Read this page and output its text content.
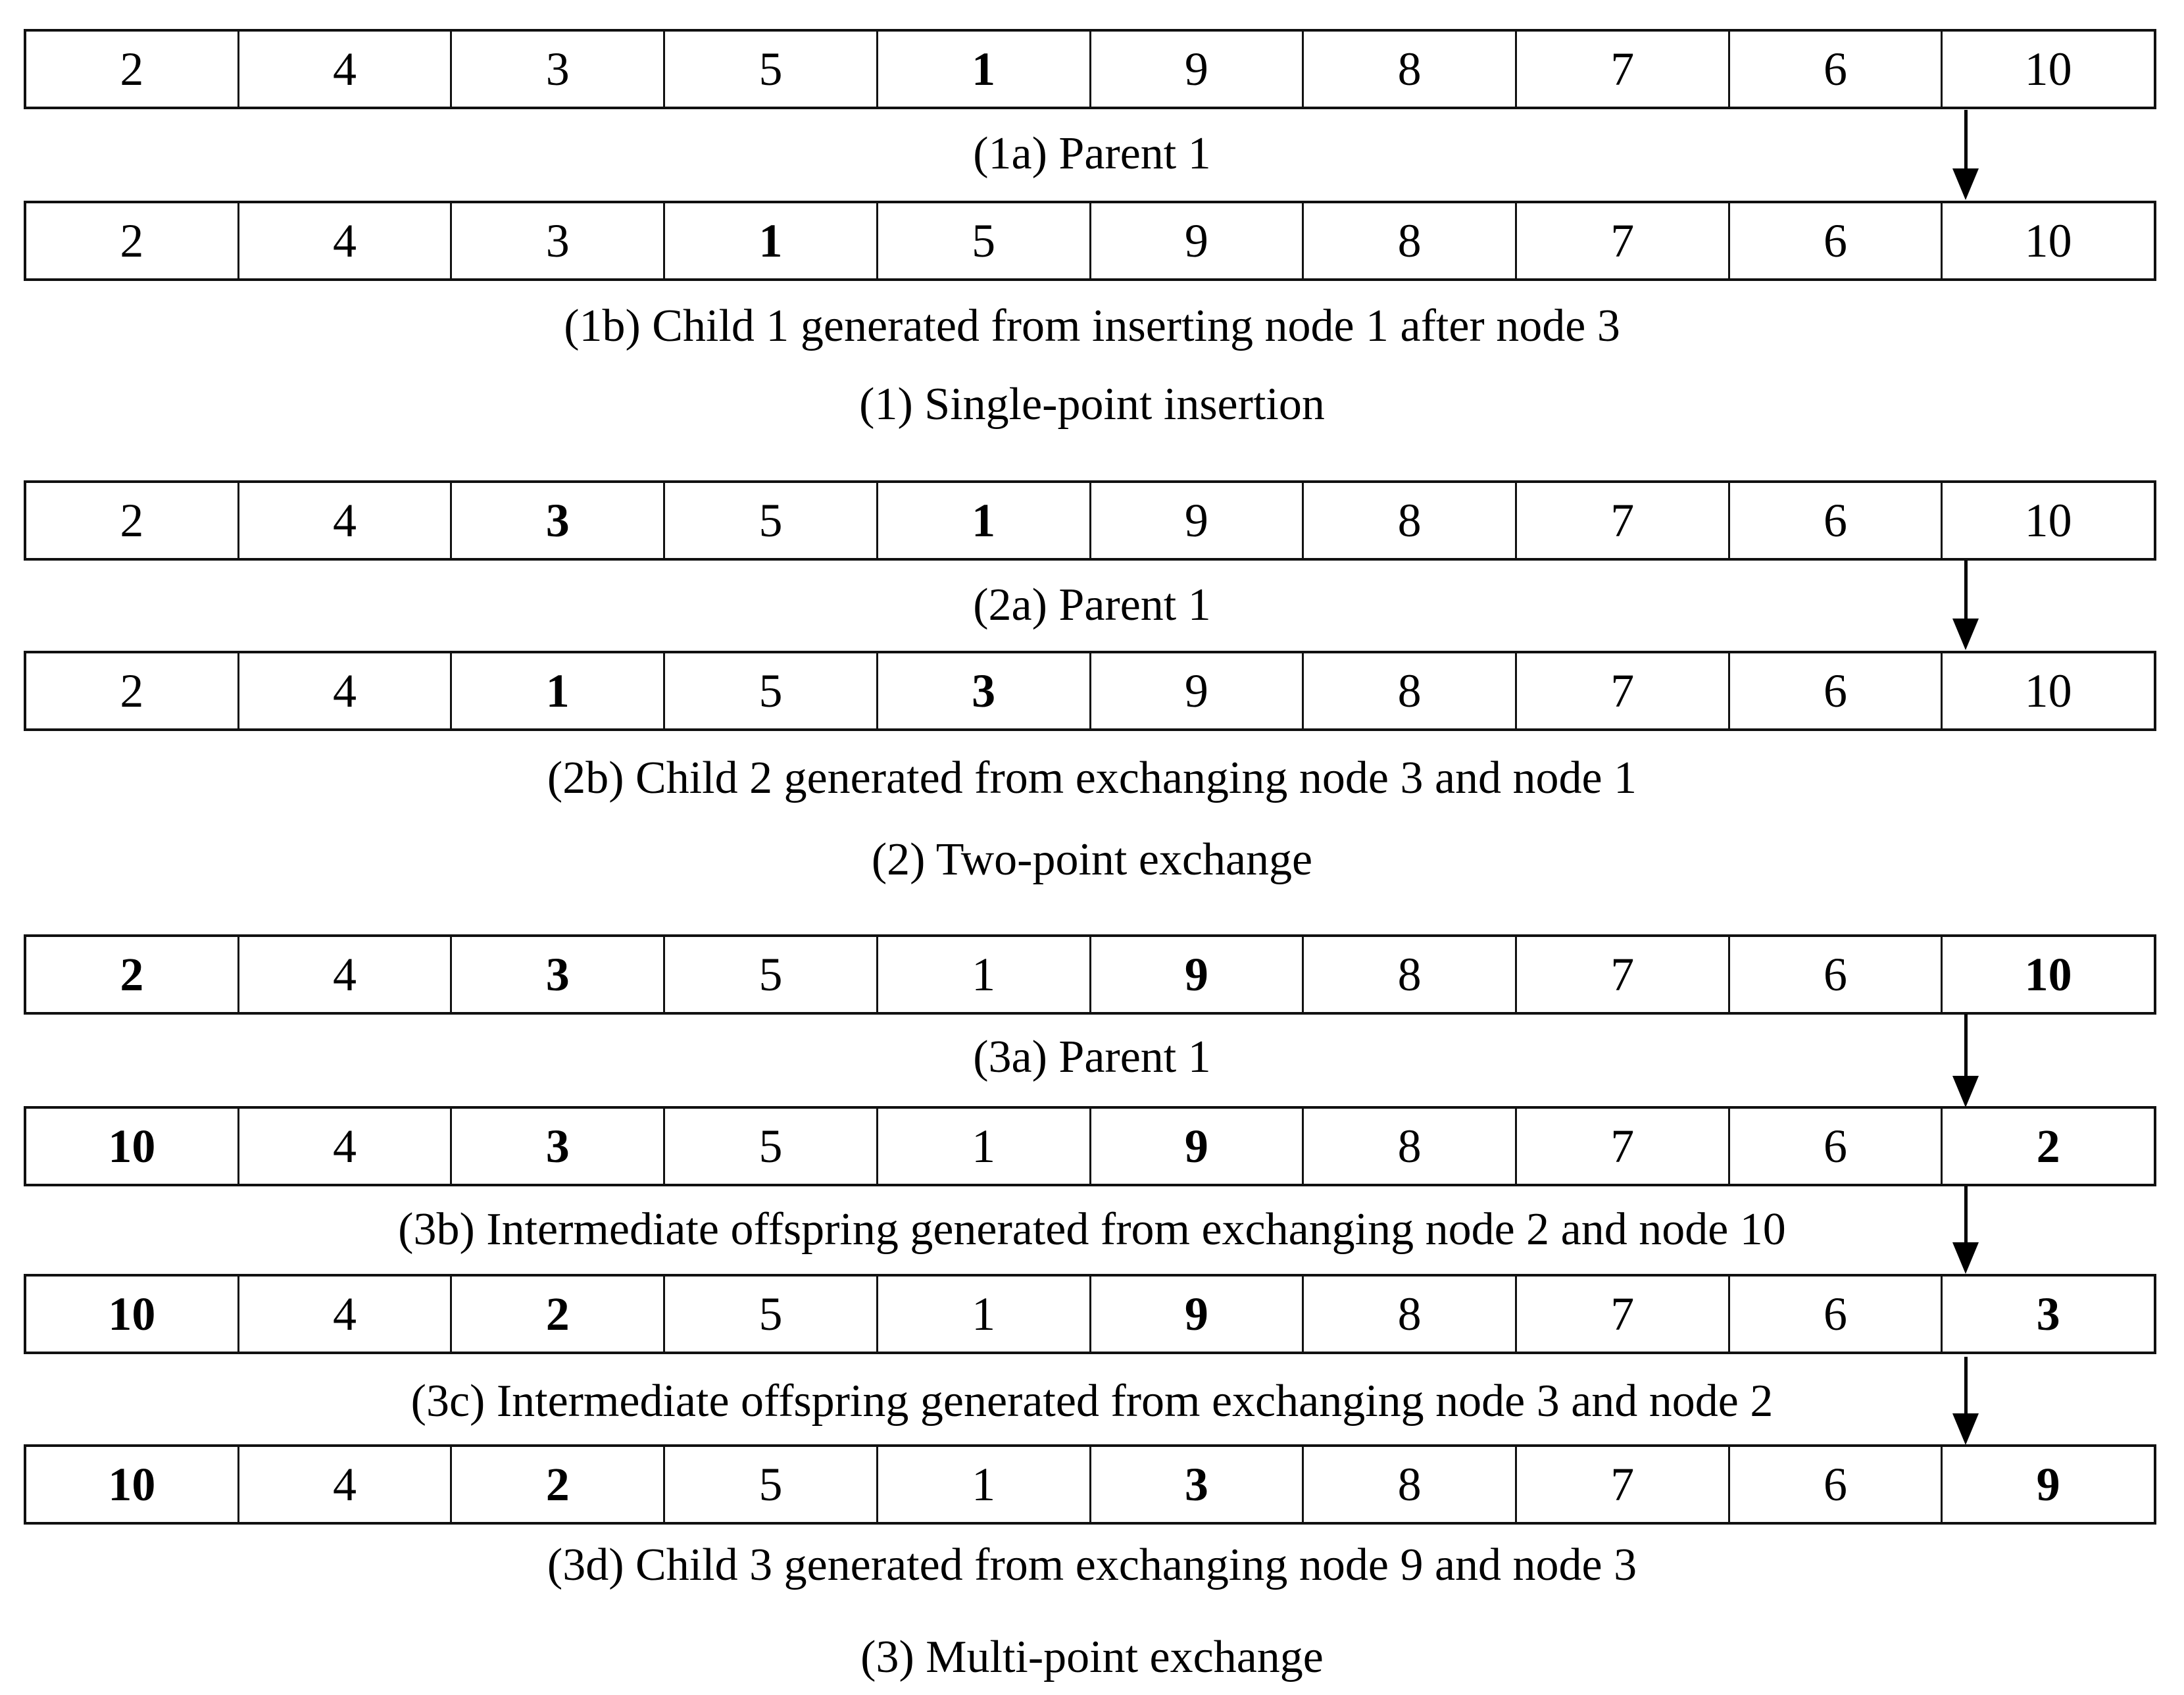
2	4	3	5	1	9	8	7	6	10
(1a) Parent 1
2	4	3	1	5	9	8	7	6	10
(1b) Child 1 generated from inserting node 1 after node 3
(1) Single-point insertion
2	4	3	5	1	9	8	7	6	10
(2a) Parent 1
2	4	1	5	3	9	8	7	6	10
(2b) Child 2 generated from exchanging node 3 and node 1
(2) Two-point exchange
2	4	3	5	1	9	8	7	6	10
(3a) Parent 1
10	4	3	5	1	9	8	7	6	2
(3b) Intermediate offspring generated from exchanging node 2 and node 10
10	4	2	5	1	9	8	7	6	3
(3c) Intermediate offspring generated from exchanging node 3 and node 2
10	4	2	5	1	3	8	7	6	9
(3d) Child 3 generated from exchanging node 9 and node 3
(3) Multi-point exchange
